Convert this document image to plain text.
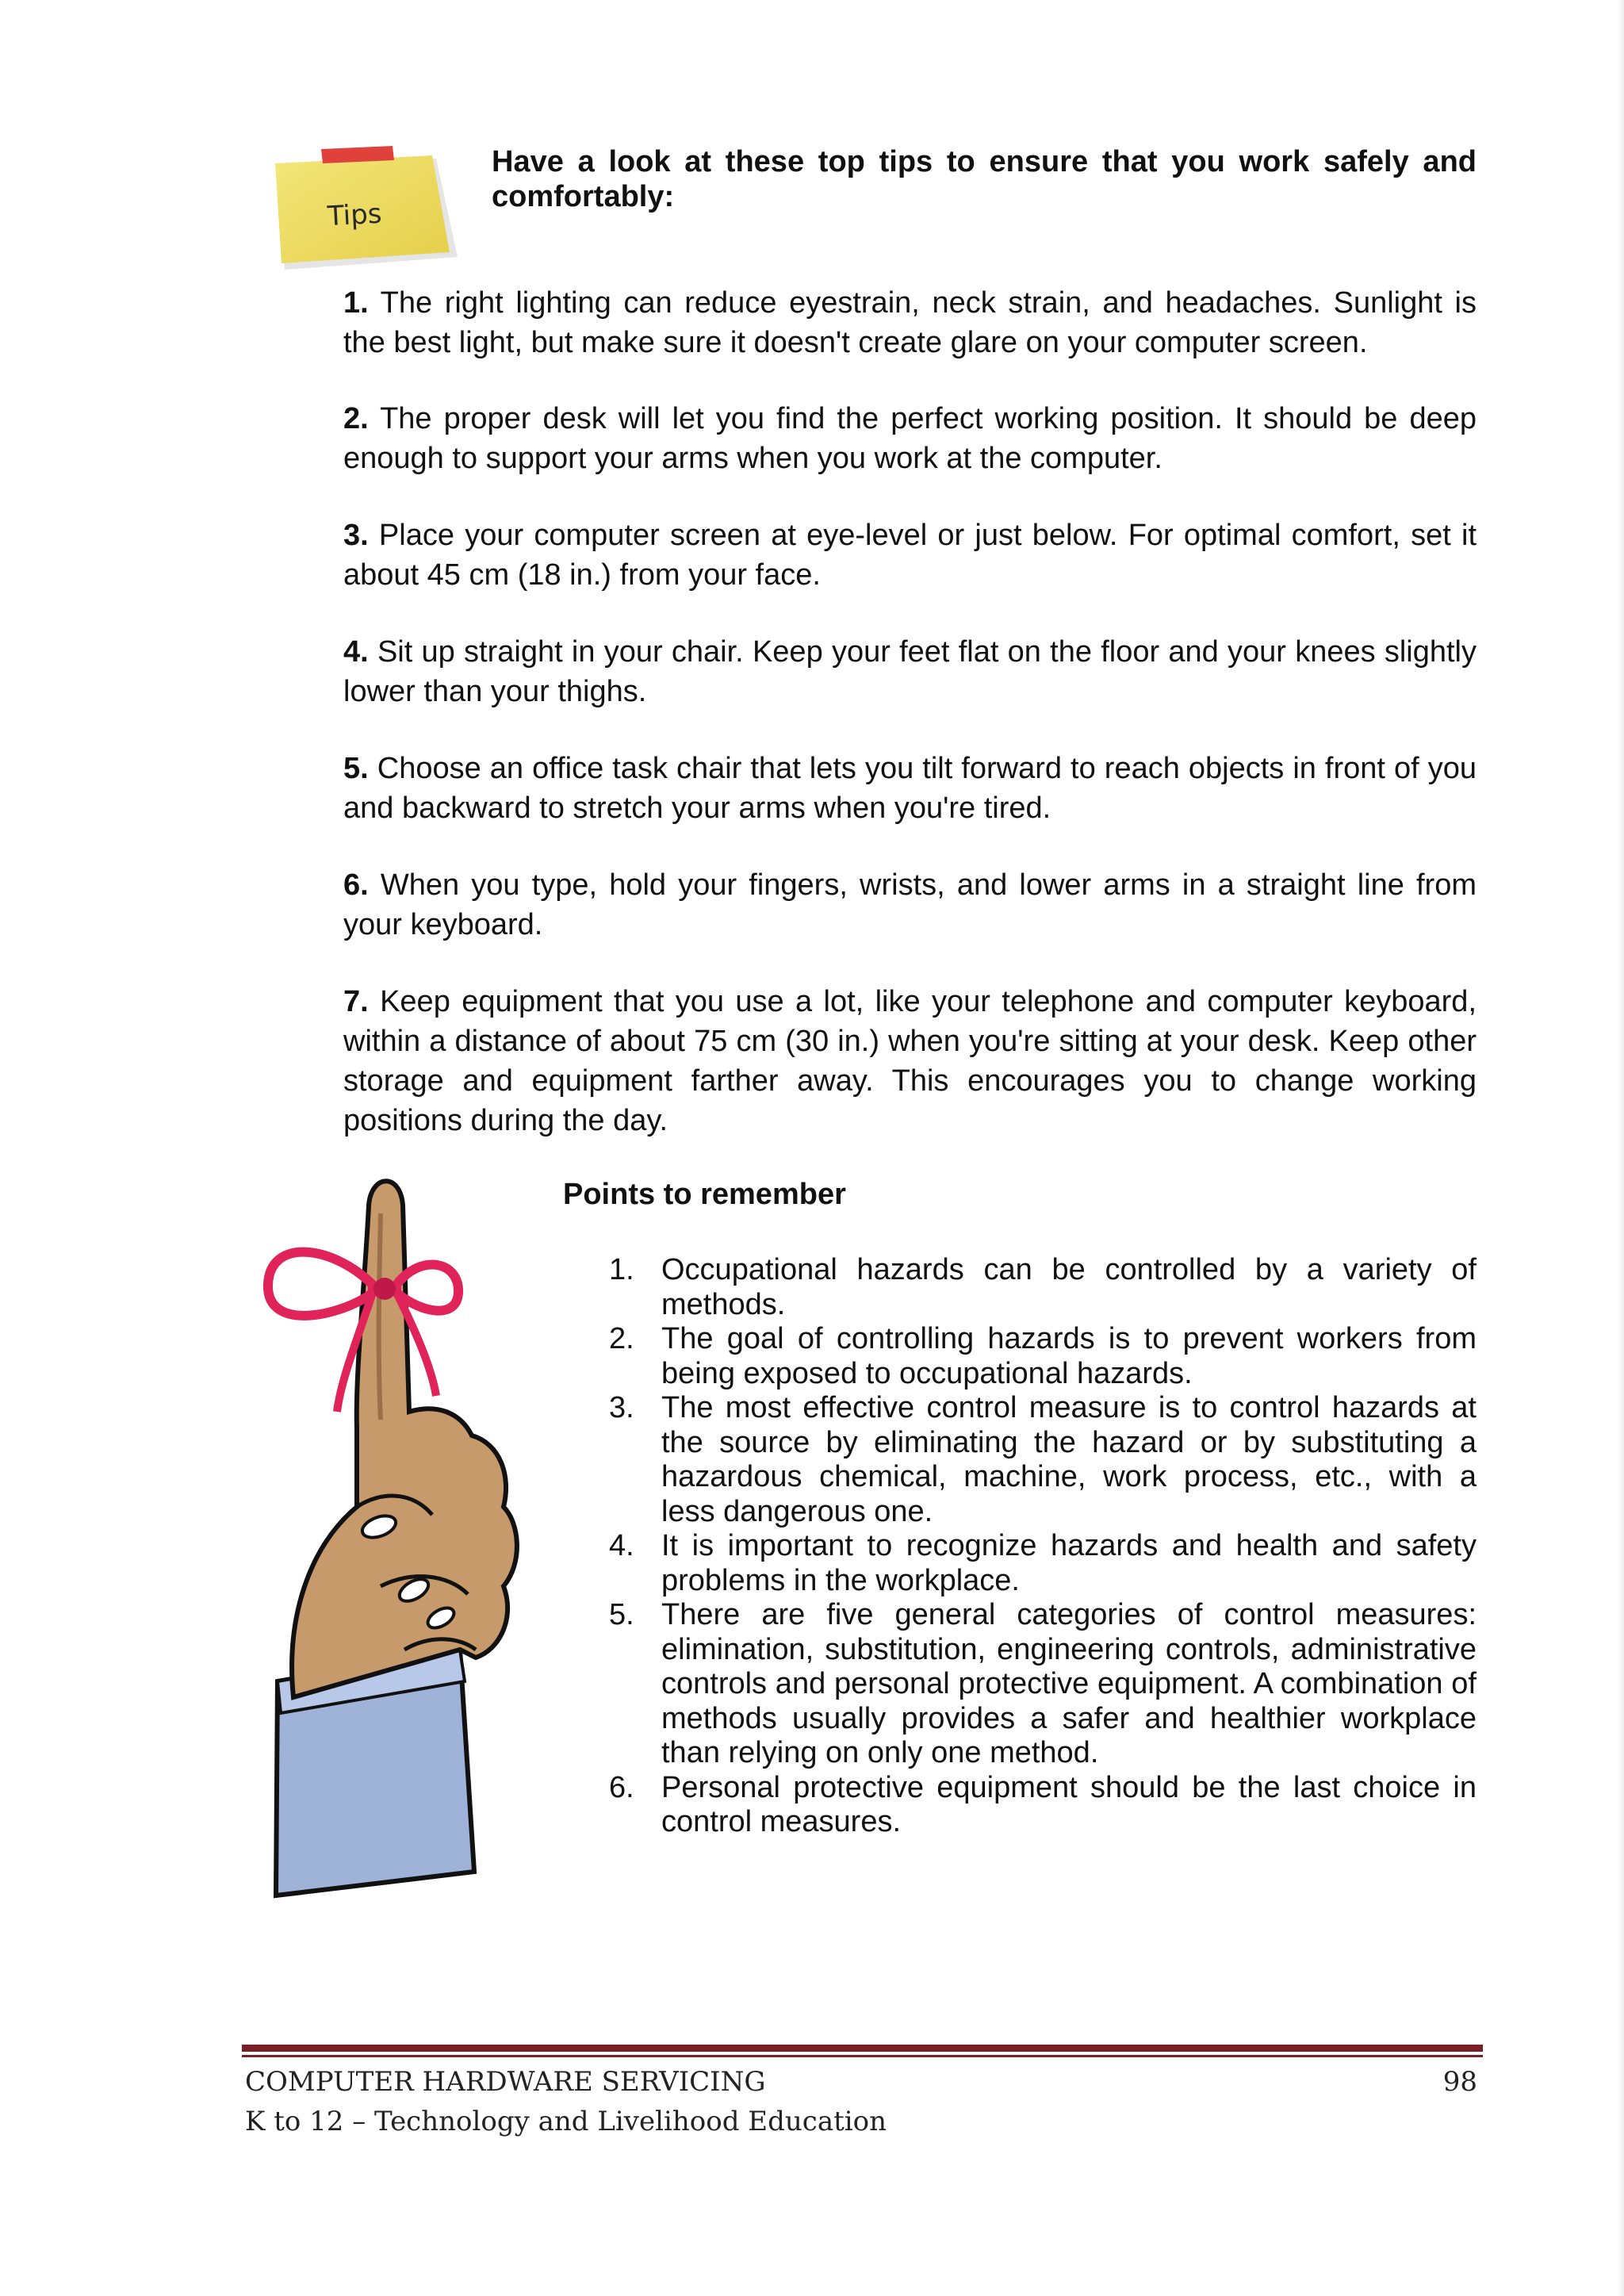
Tips
Have a look at these top tips to ensure that you work safely and
comfortably:
1. The right lighting can reduce eyestrain, neck strain, and headaches. Sunlight is the best light, but make sure it doesn't create glare on your computer screen.
2. The proper desk will let you find the perfect working position. It should be deep enough to support your arms when you work at the computer.
3. Place your computer screen at eye-level or just below. For optimal comfort, set it about 45 cm (18 in.) from your face.
4. Sit up straight in your chair. Keep your feet flat on the floor and your knees slightly lower than your thighs.
5. Choose an office task chair that lets you tilt forward to reach objects in front of you and backward to stretch your arms when you're tired.
6. When you type, hold your fingers, wrists, and lower arms in a straight line from your keyboard.
7. Keep equipment that you use a lot, like your telephone and computer keyboard, within a distance of about 75 cm (30 in.) when you're sitting at your desk. Keep other storage and equipment farther away. This encourages you to change working positions during the day.
Points to remember
1. Occupational hazards can be controlled by a variety of methods.
2. The goal of controlling hazards is to prevent workers from being exposed to occupational hazards.
3. The most effective control measure is to control hazards at the source by eliminating the hazard or by substituting a hazardous chemical, machine, work process, etc., with a less dangerous one.
4. It is important to recognize hazards and health and safety problems in the workplace.
5. There are five general categories of control measures: elimination, substitution, engineering controls, administrative controls and personal protective equipment. A combination of methods usually provides a safer and healthier workplace than relying on only one method.
6. Personal protective equipment should be the last choice in control measures.
COMPUTER HARDWARE SERVICING
K to 12 – Technology and Livelihood Education
98
